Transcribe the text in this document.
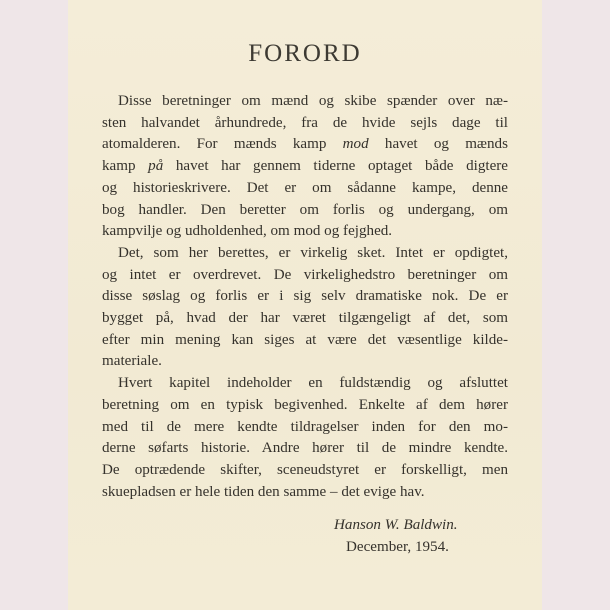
FORORD
Disse beretninger om mænd og skibe spænder over næ-
sten halvandet århundrede, fra de hvide sejls dage til
atomalderen. For mænds kamp mod havet og mænds
kamp på havet har gennem tiderne optaget både digtere
og historieskrivere. Det er om sådanne kampe, denne
bog handler. Den beretter om forlis og undergang, om
kampvilje og udholdenhed, om mod og fejghed.
Det, som her berettes, er virkelig sket. Intet er opdigtet,
og intet er overdrevet. De virkelighedstro beretninger om
disse søslag og forlis er i sig selv dramatiske nok. De er
bygget på, hvad der har været tilgængeligt af det, som
efter min mening kan siges at være det væsentlige kilde-
materiale.
Hvert kapitel indeholder en fuldstændig og afsluttet
beretning om en typisk begivenhed. Enkelte af dem hører
med til de mere kendte tildragelser inden for den mo-
derne søfarts historie. Andre hører til de mindre kendte.
De optrædende skifter, sceneudstyret er forskelligt, men
skuepladsen er hele tiden den samme – det evige hav.
Hanson W. Baldwin.
December, 1954.
